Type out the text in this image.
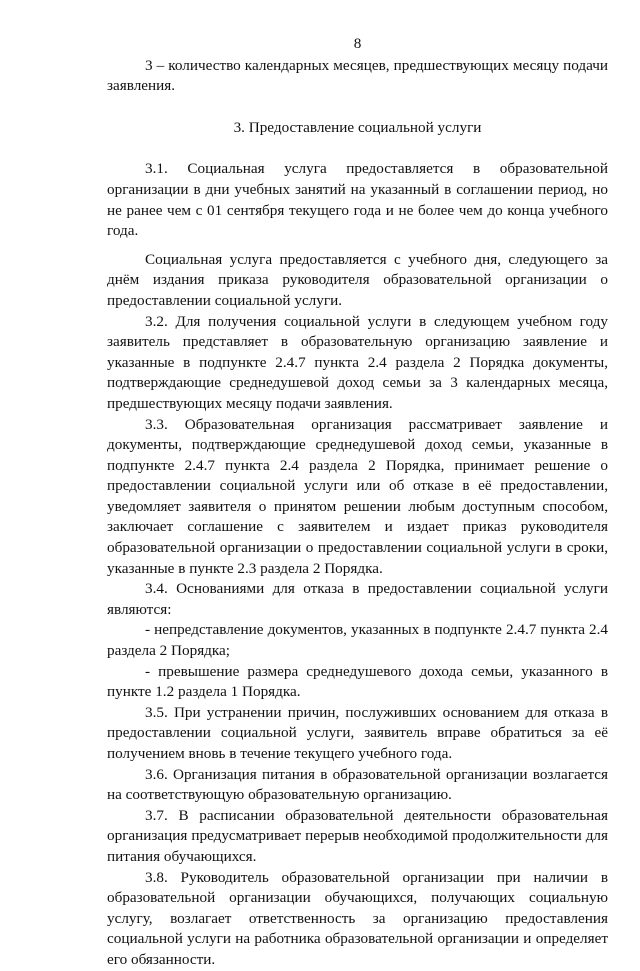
8

3 – количество календарных месяцев, предшествующих месяцу подачи заявления.

3. Предоставление социальной услуги

3.1. Социальная услуга предоставляется в образовательной организации в дни учебных занятий на указанный в соглашении период, но не ранее чем с 01 сентября текущего года и не более чем до конца учебного года.

Социальная услуга предоставляется с учебного дня, следующего за днём издания приказа руководителя образовательной организации о предоставлении социальной услуги.

3.2. Для получения социальной услуги в следующем учебном году заявитель представляет в образовательную организацию заявление и указанные в подпункте 2.4.7 пункта 2.4 раздела 2 Порядка документы, подтверждающие среднедушевой доход семьи за 3 календарных месяца, предшествующих месяцу подачи заявления.

3.3. Образовательная организация рассматривает заявление и документы, подтверждающие среднедушевой доход семьи, указанные в подпункте 2.4.7 пункта 2.4 раздела 2 Порядка, принимает решение о предоставлении социальной услуги или об отказе в её предоставлении, уведомляет заявителя о принятом решении любым доступным способом, заключает соглашение с заявителем и издает приказ руководителя образовательной организации о предоставлении социальной услуги в сроки, указанные в пункте 2.3 раздела 2 Порядка.

3.4. Основаниями для отказа в предоставлении социальной услуги являются:

- непредставление документов, указанных в подпункте 2.4.7 пункта 2.4 раздела 2 Порядка;

- превышение размера среднедушевого дохода семьи, указанного в пункте 1.2 раздела 1 Порядка.

3.5. При устранении причин, послуживших основанием для отказа в предоставлении социальной услуги, заявитель вправе обратиться за её получением вновь в течение текущего учебного года.

3.6. Организация питания в образовательной организации возлагается на соответствующую образовательную организацию.

3.7. В расписании образовательной деятельности образовательная организация предусматривает перерыв необходимой продолжительности для питания обучающихся.

3.8. Руководитель образовательной организации при наличии в образовательной организации обучающихся, получающих социальную услугу, возлагает ответственность за организацию предоставления социальной услуги на работника образовательной организации и определяет его обязанности.
